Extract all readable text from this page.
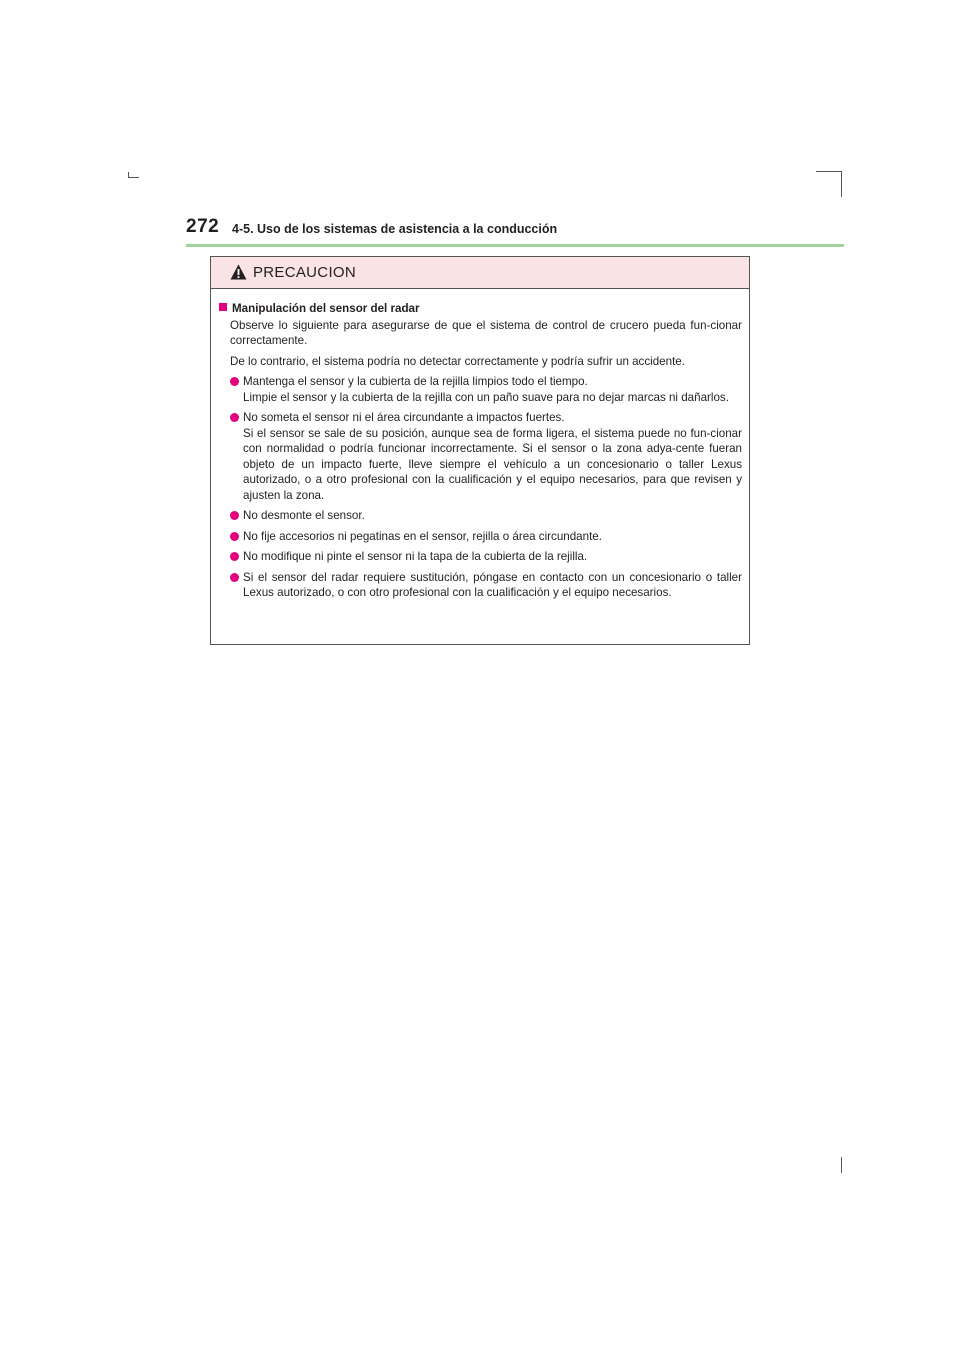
272 4-5. Uso de los sistemas de asistencia a la conducción
PRECAUCION
Manipulación del sensor del radar
Observe lo siguiente para asegurarse de que el sistema de control de crucero pueda fun-cionar correctamente.
De lo contrario, el sistema podría no detectar correctamente y podría sufrir un accidente.
Mantenga el sensor y la cubierta de la rejilla limpios todo el tiempo.
Limpie el sensor y la cubierta de la rejilla con un paño suave para no dejar marcas ni dañarlos.
No someta el sensor ni el área circundante a impactos fuertes.
Si el sensor se sale de su posición, aunque sea de forma ligera, el sistema puede no fun-cionar con normalidad o podría funcionar incorrectamente. Si el sensor o la zona adya-cente fueran objeto de un impacto fuerte, lleve siempre el vehículo a un concesionario o taller Lexus autorizado, o a otro profesional con la cualificación y el equipo necesarios, para que revisen y ajusten la zona.
No desmonte el sensor.
No fije accesorios ni pegatinas en el sensor, rejilla o área circundante.
No modifique ni pinte el sensor ni la tapa de la cubierta de la rejilla.
Si el sensor del radar requiere sustitución, póngase en contacto con un concesionario o taller Lexus autorizado, o con otro profesional con la cualificación y el equipo necesarios.
